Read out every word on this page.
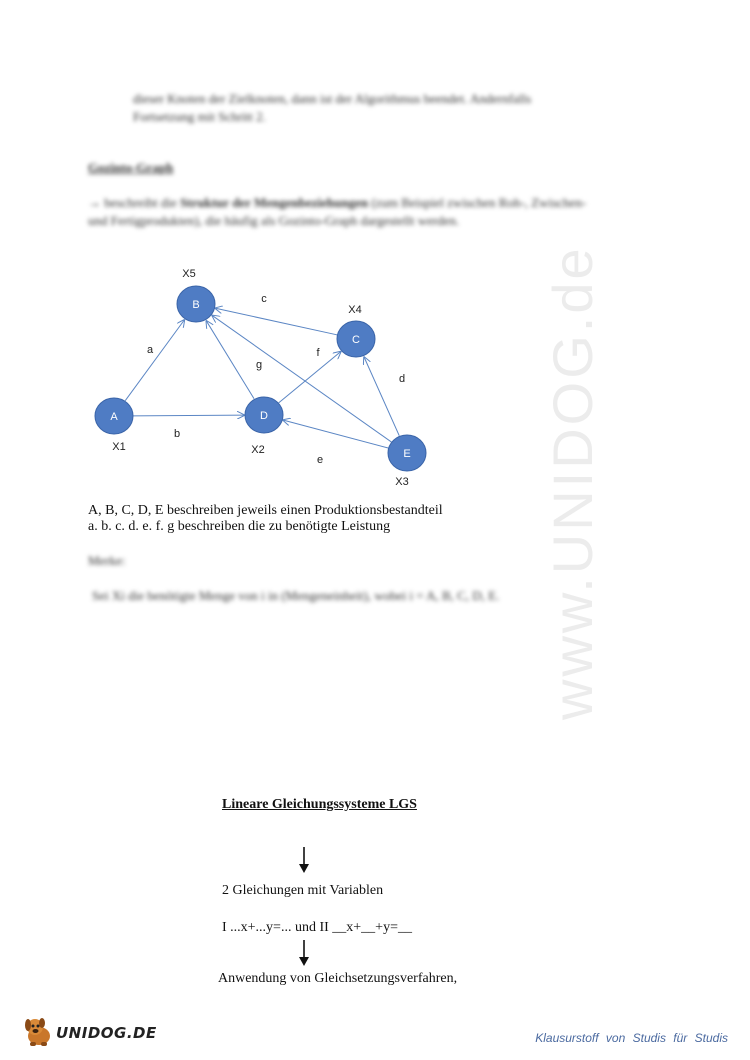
www.UNIDOG.de
dieser Knoten der Zielknoten, dann ist der Algorithmus beendet. Andernfalls
Fortsetzung mit Schritt 2.
Gozinto-Graph
→ beschreibt die Struktur der Mengenbeziehungen (zum Beispiel zwischen Roh-, Zwischen- und Fertigprodukten), die häufig als Gozinto-Graph dargestellt werden.
a
b
c
d
e
f
g
A
X1
B
X5
C
X4
D
X2	E
X3
A, B, C, D, E beschreiben jeweils einen Produktionsbestandteil
a. b. c. d. e. f. g beschreiben die zu benötigte Leistung
Merke:
Sei Xi die benötigte Menge von i in (Mengeneinheit), wobei i = A, B, C, D, E.
Lineare Gleichungssysteme LGS
2 Gleichungen mit Variablen
I ...x+...y=... und II __x+__+y=__
Anwendung von Gleichsetzungsverfahren,
UNIDOG.DE	Klausurstoff von Studis für Studis
